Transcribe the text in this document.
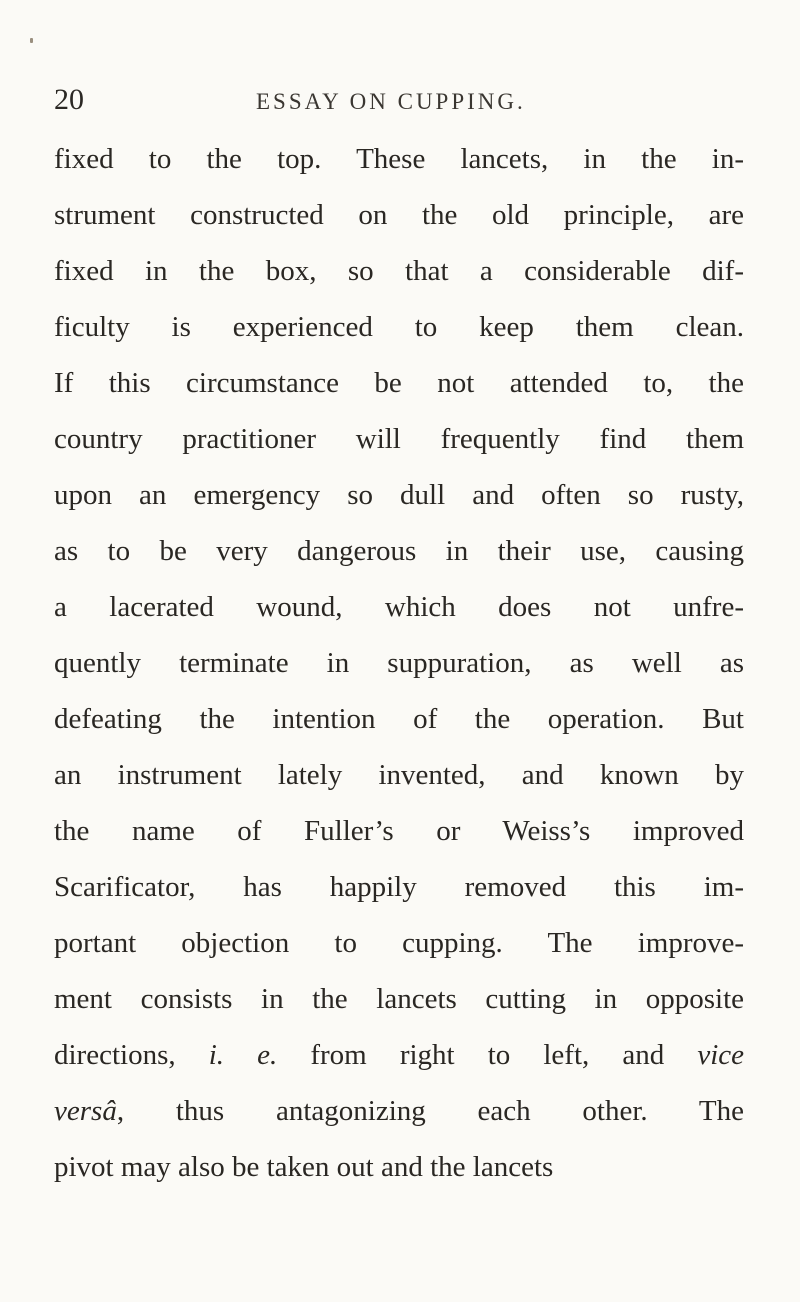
20	ESSAY ON CUPPING.
fixed to the top. These lancets, in the in-
strument constructed on the old principle, are
fixed in the box, so that a considerable dif-
ficulty is experienced to keep them clean.
If this circumstance be not attended to, the
country practitioner will frequently find them
upon an emergency so dull and often so rusty,
as to be very dangerous in their use, causing
a lacerated wound, which does not unfre-
quently terminate in suppuration, as well as
defeating the intention of the operation. But
an instrument lately invented, and known by
the name of Fuller’s or Weiss’s improved
Scarificator, has happily removed this im-
portant objection to cupping. The improve-
ment consists in the lancets cutting in opposite
directions, i. e. from right to left, and vice
versâ, thus antagonizing each other. The
pivot may also be taken out and the lancets
